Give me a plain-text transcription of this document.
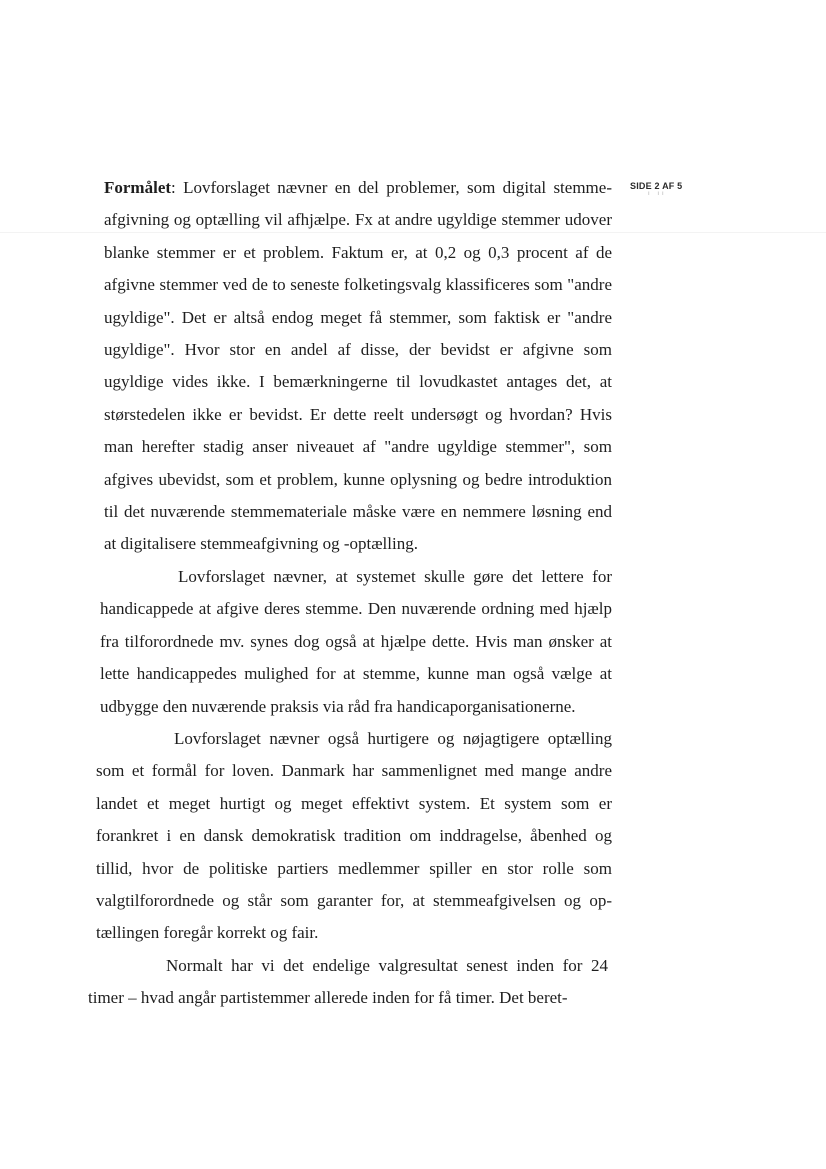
SIDE 2 AF 5
ı ıı

Formålet: Lovforslaget nævner en del problemer, som digital stemmeafgivning og optælling vil afhjælpe. Fx at andre ugyldige stemmer udover blanke stemmer er et problem. Faktum er, at 0,2 og 0,3 procent af de afgivne stemmer ved de to seneste folketingsvalg klassificeres som "andre ugyldige". Det er altså endog meget få stemmer, som faktisk er "andre ugyldige". Hvor stor en andel af disse, der bevidst er afgivne som ugyldige vides ikke. I bemærkningerne til lovudkastet antages det, at størstedelen ikke er bevidst. Er dette reelt undersøgt og hvordan? Hvis man herefter stadig anser niveauet af "andre ugyldige stemmer", som afgives ubevidst, som et problem, kunne oplysning og bedre introduktion til det nuværende stemmemateriale måske være en nemmere løsning end at digitalisere stemmeafgivning og -optælling.

Lovforslaget nævner, at systemet skulle gøre det lettere for handicappede at afgive deres stemme. Den nuværende ordning med hjælp fra tilforordnede mv. synes dog også at hjælpe dette. Hvis man ønsker at lette handicappedes mulighed for at stemme, kunne man også vælge at udbygge den nuværende praksis via råd fra handicaporganisationerne.

Lovforslaget nævner også hurtigere og nøjagtigere optælling som et formål for loven. Danmark har sammenlignet med mange andre landet et meget hurtigt og meget effektivt system. Et system som er forankret i en dansk demokratisk tradition om inddragelse, åbenhed og tillid, hvor de politiske partiers medlemmer spiller en stor rolle som valgtilforordnede og står som garanter for, at stemmeafgivelsen og optællingen foregår korrekt og fair.

Normalt har vi det endelige valgresultat senest inden for 24 timer – hvad angår partistemmer allerede inden for få timer. Det beret-
